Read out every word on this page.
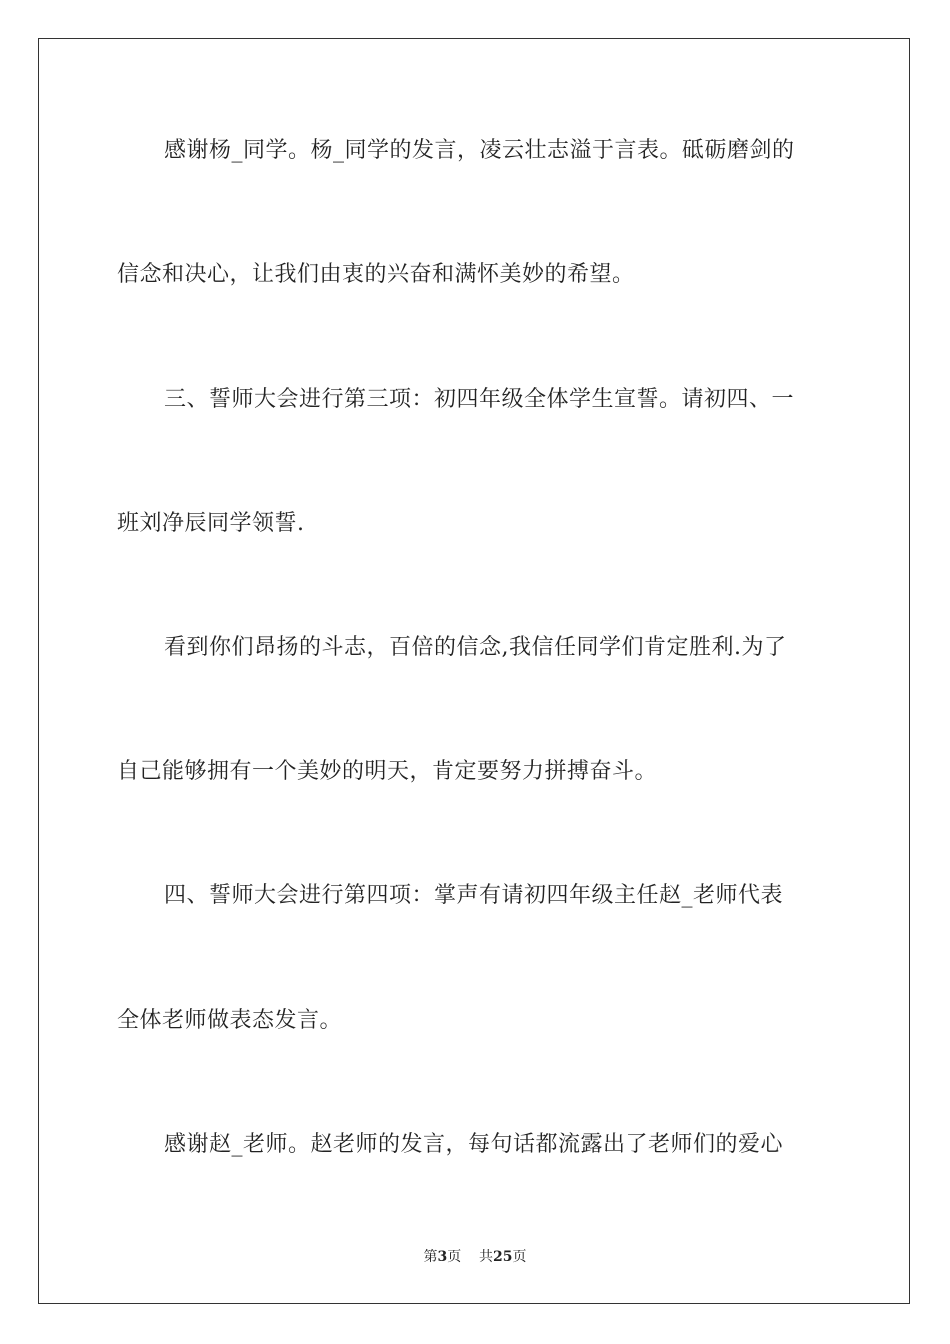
感谢杨_同学。杨_同学的发言，凌云壮志溢于言表。砥砺磨剑的
信念和决心，让我们由衷的兴奋和满怀美妙的希望。
三、誓师大会进行第三项：初四年级全体学生宣誓。请初四、一
班刘净辰同学领誓.
看到你们昂扬的斗志，百倍的信念,我信任同学们肯定胜利.为了
自己能够拥有一个美妙的明天，肯定要努力拼搏奋斗。
四、誓师大会进行第四项：掌声有请初四年级主任赵_老师代表
全体老师做表态发言。
感谢赵_老师。赵老师的发言，每句话都流露出了老师们的爱心
第3页 共25页
